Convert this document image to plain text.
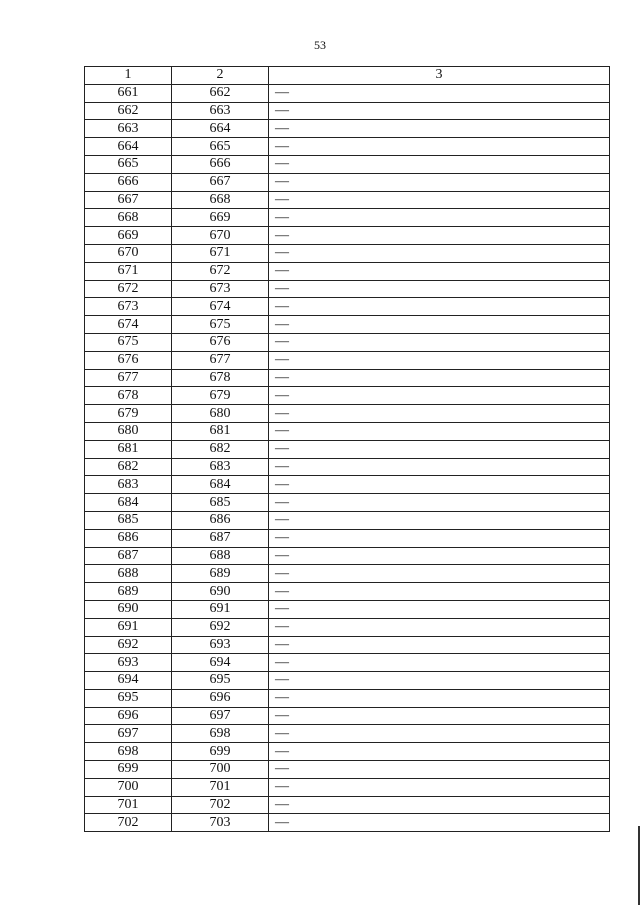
53
1	2	3
661	662	—
662	663	—
663	664	—
664	665	—
665	666	—
666	667	—
667	668	—
668	669	—
669	670	—
670	671	—
671	672	—
672	673	—
673	674	—
674	675	—
675	676	—
676	677	—
677	678	—
678	679	—
679	680	—
680	681	—
681	682	—
682	683	—
683	684	—
684	685	—
685	686	—
686	687	—
687	688	—
688	689	—
689	690	—
690	691	—
691	692	—
692	693	—
693	694	—
694	695	—
695	696	—
696	697	—
697	698	—
698	699	—
699	700	—
700	701	—
701	702	—
702	703	—
